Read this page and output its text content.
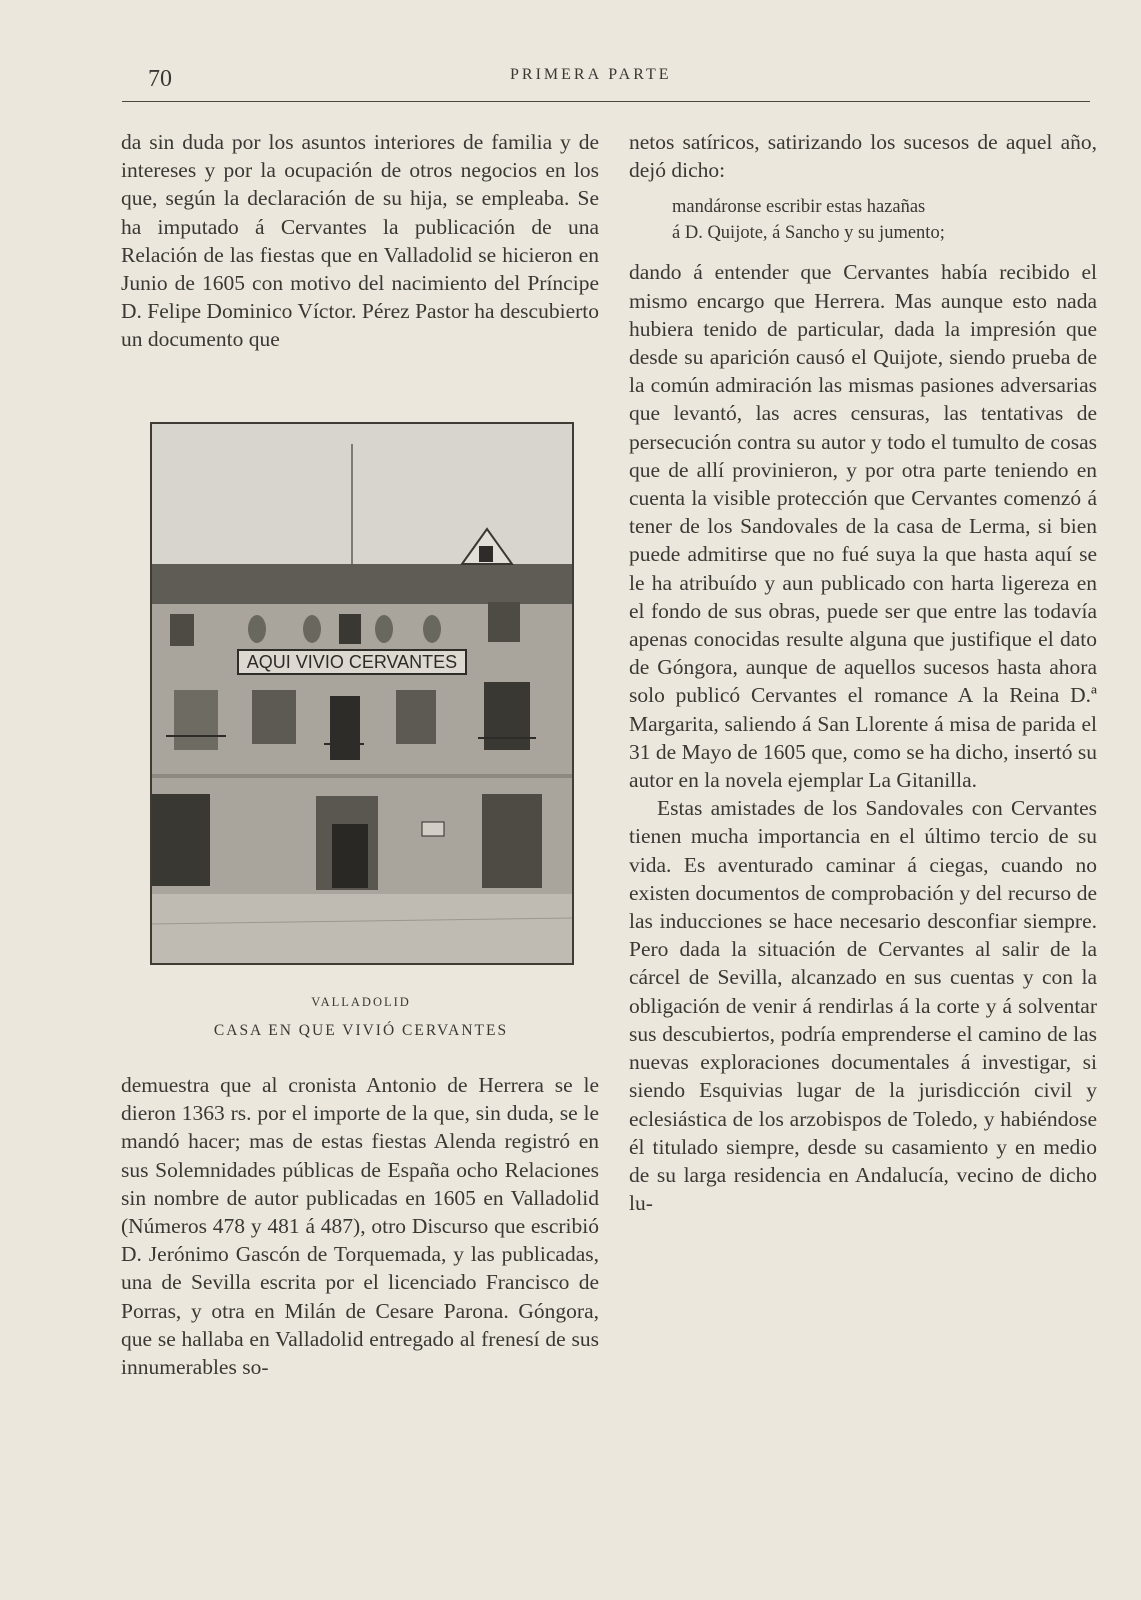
70	PRIMERA PARTE

da sin duda por los asuntos interiores de familia y de intereses y por la ocupación de otros negocios en los que, según la declaración de su hija, se empleaba. Se ha imputado á Cervantes la publicación de una Relación de las fiestas que en Valladolid se hicieron en Junio de 1605 con motivo del nacimiento del Príncipe D. Felipe Dominico Víctor. Pérez Pastor ha descubierto un documento que

AQUI VIVIO CERVANTES
VALLADOLID
CASA EN QUE VIVIÓ CERVANTES

demuestra que al cronista Antonio de Herrera se le dieron 1363 rs. por el importe de la que, sin duda, se le mandó hacer; mas de estas fiestas Alenda registró en sus Solemnidades públicas de España ocho Relaciones sin nombre de autor publicadas en 1605 en Valladolid (Números 478 y 481 á 487), otro Discurso que escribió D. Jerónimo Gascón de Torquemada, y las publicadas, una de Sevilla escrita por el licenciado Francisco de Porras, y otra en Milán de Cesare Parona. Góngora, que se hallaba en Valladolid entregado al frenesí de sus innumerables so-

netos satíricos, satirizando los sucesos de aquel año, dejó dicho:

mandáronse escribir estas hazañas
á D. Quijote, á Sancho y su jumento;

dando á entender que Cervantes había recibido el mismo encargo que Herrera. Mas aunque esto nada hubiera tenido de particular, dada la impresión que desde su aparición causó el Quijote, siendo prueba de la común admiración las mismas pasiones adversarias que levantó, las acres censuras, las tentativas de persecución contra su autor y todo el tumulto de cosas que de allí provinieron, y por otra parte teniendo en cuenta la visible protección que Cervantes comenzó á tener de los Sandovales de la casa de Lerma, si bien puede admitirse que no fué suya la que hasta aquí se le ha atribuído y aun publicado con harta ligereza en el fondo de sus obras, puede ser que entre las todavía apenas conocidas resulte alguna que justifique el dato de Góngora, aunque de aquellos sucesos hasta ahora solo publicó Cervantes el romance A la Reina D.ª Margarita, saliendo á San Llorente á misa de parida el 31 de Mayo de 1605 que, como se ha dicho, insertó su autor en la novela ejemplar La Gitanilla.

Estas amistades de los Sandovales con Cervantes tienen mucha importancia en el último tercio de su vida. Es aventurado caminar á ciegas, cuando no existen documentos de comprobación y del recurso de las inducciones se hace necesario desconfiar siempre. Pero dada la situación de Cervantes al salir de la cárcel de Sevilla, alcanzado en sus cuentas y con la obligación de venir á rendirlas á la corte y á solventar sus descubiertos, podría emprenderse el camino de las nuevas exploraciones documentales á investigar, si siendo Esquivias lugar de la jurisdicción civil y eclesiástica de los arzobispos de Toledo, y habiéndose él titulado siempre, desde su casamiento y en medio de su larga residencia en Andalucía, vecino de dicho lu-
